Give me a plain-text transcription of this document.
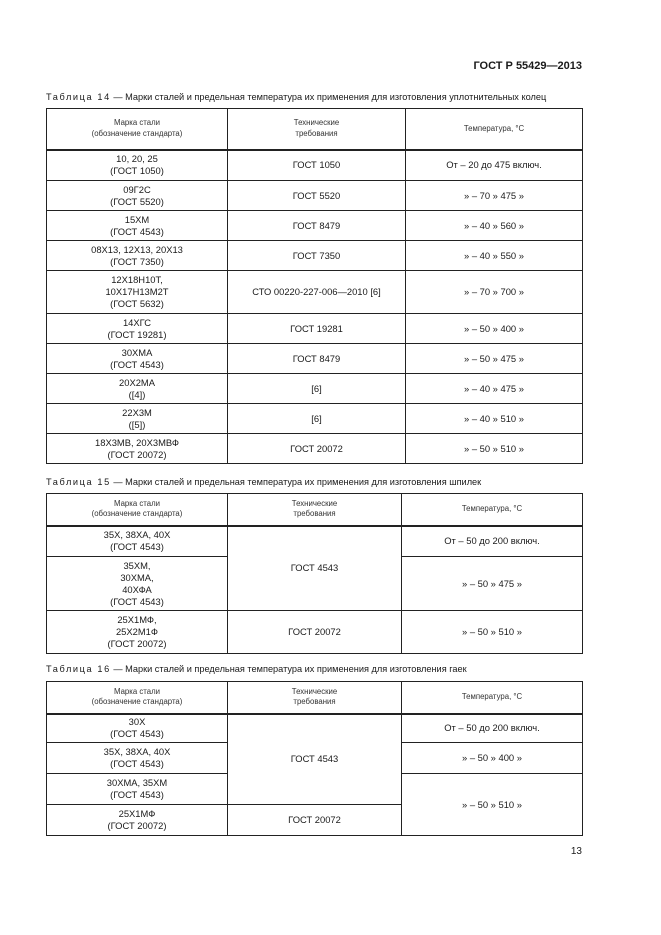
ГОСТ Р 55429—2013
Таблица 14 — Марки сталей и предельная температура их применения для изготовления уплотнительных колец
Марка стали
(обозначение стандарта)	Технические
требования	Температура, °С

10, 20, 25
(ГОСТ 1050)	ГОСТ 1050	От – 20 до 475 включ.

09Г2С
(ГОСТ 5520)	ГОСТ 5520	» – 70 » 475 »

15ХМ
(ГОСТ 4543)	ГОСТ 8479	» – 40 » 560 »

08Х13, 12Х13, 20Х13
(ГОСТ 7350)	ГОСТ 7350	» – 40 » 550 »

12Х18Н10Т,
10Х17Н13М2Т
(ГОСТ 5632)	СТО 00220-227-006—2010 [6]	» – 70 » 700 »

14ХГС
(ГОСТ 19281)	ГОСТ 19281	» – 50 » 400 »

30ХМА
(ГОСТ 4543)	ГОСТ 8479	» – 50 » 475 »

20Х2МА
([4])	[6]	» – 40 » 475 »

22Х3М
([5])	[6]	» – 40 » 510 »

18Х3МВ, 20Х3МВФ
(ГОСТ 20072)	ГОСТ 20072	» – 50 » 510 »
Таблица 15 — Марки сталей и предельная температура их применения для изготовления шпилек
Марка стали
(обозначение стандарта)	Технические
требования	Температура, °С

35Х, 38ХА, 40Х
(ГОСТ 4543)	ГОСТ 4543	От – 50 до 200 включ.

35ХМ,
30ХМА,
40ХФА
(ГОСТ 4543)		» – 50 » 475 »

25Х1МФ,
25Х2М1Ф
(ГОСТ 20072)	ГОСТ 20072	» – 50 » 510 »
Таблица 16 — Марки сталей и предельная температура их применения для изготовления гаек
Марка стали
(обозначение стандарта)	Технические
требования	Температура, °С

30Х
(ГОСТ 4543)	ГОСТ 4543	От – 50 до 200 включ.

35Х, 38ХА, 40Х
(ГОСТ 4543)		» – 50 » 400 »

30ХМА, 35ХМ
(ГОСТ 4543)		» – 50 » 510 »

25Х1МФ
(ГОСТ 20072)	ГОСТ 20072	
13
